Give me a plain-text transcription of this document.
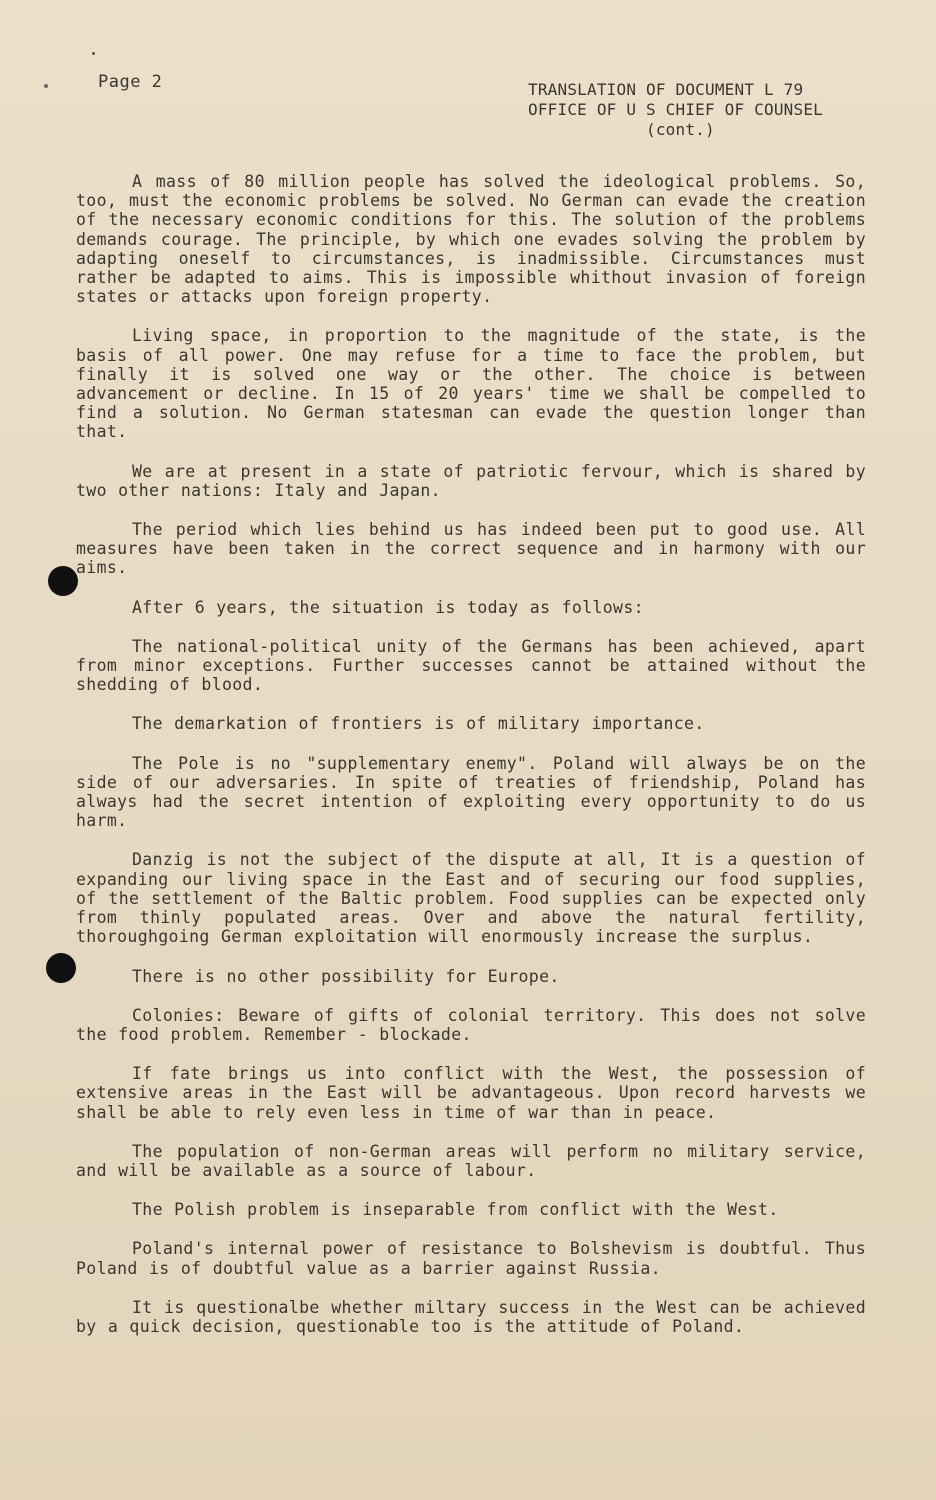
Page 2	TRANSLATION OF DOCUMENT L 79
OFFICE OF U S CHIEF OF COUNSEL
(cont.)

A mass of 80 million people has solved the ideological problems. So, too, must the economic problems be solved. No German can evade the creation of the necessary economic conditions for this. The solution of the problems demands courage. The principle, by which one evades solving the problem by adapting oneself to circumstances, is inadmissible. Circumstances must rather be adapted to aims. This is impossible whithout invasion of foreign states or attacks upon foreign property.

Living space, in proportion to the magnitude of the state, is the basis of all power. One may refuse for a time to face the problem, but finally it is solved one way or the other. The choice is between advancement or decline. In 15 of 20 years' time we shall be compelled to find a solution. No German statesman can evade the question longer than that.

We are at present in a state of patriotic fervour, which is shared by two other nations: Italy and Japan.

The period which lies behind us has indeed been put to good use. All measures have been taken in the correct sequence and in harmony with our aims.

After 6 years, the situation is today as follows:

The national-political unity of the Germans has been achieved, apart from minor exceptions. Further successes cannot be attained without the shedding of blood.

The demarkation of frontiers is of military importance.

The Pole is no "supplementary enemy". Poland will always be on the side of our adversaries. In spite of treaties of friendship, Poland has always had the secret intention of exploiting every opportunity to do us harm.

Danzig is not the subject of the dispute at all, It is a question of expanding our living space in the East and of securing our food supplies, of the settlement of the Baltic problem. Food supplies can be expected only from thinly populated areas. Over and above the natural fertility, thoroughgoing German exploitation will enormously increase the surplus.

There is no other possibility for Europe.

Colonies: Beware of gifts of colonial territory. This does not solve the food problem. Remember - blockade.

If fate brings us into conflict with the West, the possession of extensive areas in the East will be advantageous. Upon record harvests we shall be able to rely even less in time of war than in peace.

The population of non-German areas will perform no military service, and will be available as a source of labour.

The Polish problem is inseparable from conflict with the West.

Poland's internal power of resistance to Bolshevism is doubtful. Thus Poland is of doubtful value as a barrier against Russia.

It is questionalbe whether miltary success in the West can be achieved by a quick decision, questionable too is the attitude of Poland.
